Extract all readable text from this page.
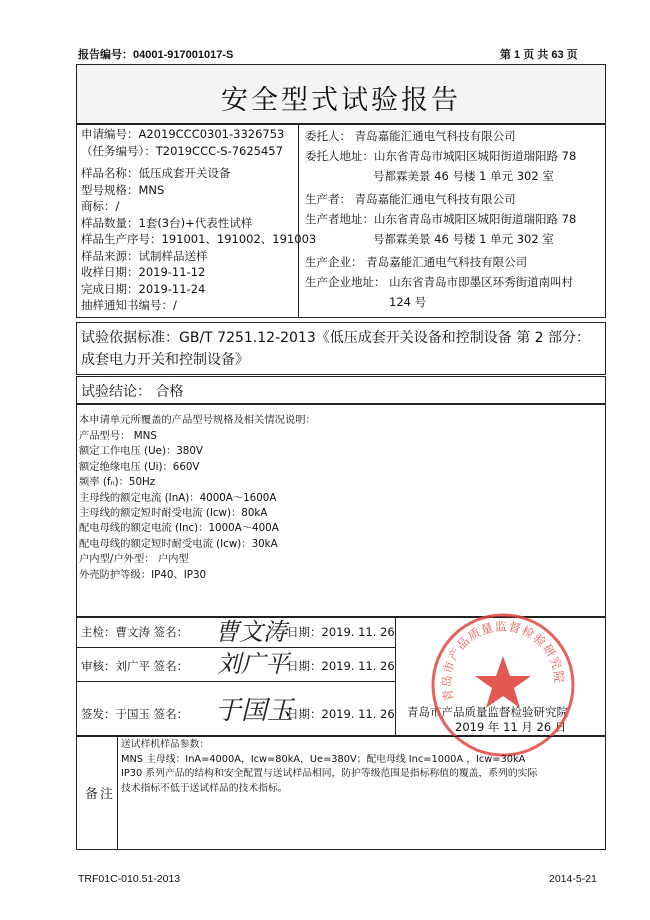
报告编号：04001-917001017-S	第 1 页 共 63 页
安全型式试验报告
申请编号：A2019CCC0301-3326753
（任务编号）：T2019CCC-S-7625457
样品名称：低压成套开关设备
型号规格：MNS
商标：/
样品数量：1套(3台)+代表性试样
样品生产序号：191001、191002、191003
样品来源：试制样品送样
收样日期：2019-11-12
完成日期：2019-11-24
抽样通知书编号：/
委托人： 青岛嘉能汇通电气科技有限公司
委托人地址：山东省青岛市城阳区城阳街道瑞阳路 78
号都霖美景 46 号楼 1 单元 302 室
生产者： 青岛嘉能汇通电气科技有限公司
生产者地址：山东省青岛市城阳区城阳街道瑞阳路 78
号都霖美景 46 号楼 1 单元 302 室
生产企业： 青岛嘉能汇通电气科技有限公司
生产企业地址： 山东省青岛市即墨区环秀街道南叫村
124 号
试验依据标准：GB/T 7251.12-2013《低压成套开关设备和控制设备 第 2 部分：
成套电力开关和控制设备》
试验结论： 合格
本申请单元所覆盖的产品型号规格及相关情况说明：
产品型号： MNS
额定工作电压 (Ue)：380V
额定绝缘电压 (Ui)：660V
频率 (fₙ)：50Hz
主母线的额定电流 (InA)：4000A～1600A
主母线的额定短时耐受电流 (Icw)：80kA
配电母线的额定电流 (Inc)：1000A～400A
配电母线的额定短时耐受电流 (Icw)：30kA
户内型/户外型： 户内型
外壳防护等级：IP40、IP30
主检：曹文涛 签名： 曹文涛 日期：2019. 11. 26
审核：刘广平 签名： 刘广平
日期：2019. 11. 26
签发：于国玉 签名： 于国玉
日期：2019. 11. 26 青岛市产品质量监督检验研究院
2019 年 11 月 26 日
青岛市产品质量监督检验研究院
备注
送试样机样品参数：
MNS 主母线：InA=4000A，Icw=80kA，Ue=380V；配电母线 Inc=1000A ，Icw=30kA
IP30 系列产品的结构和安全配置与送试样品相同，防护等级范围是指标称值的覆盖，系列的实际
技术指标不低于送试样品的技术指标。
TRF01C-010.51-2013	2014-5-21
